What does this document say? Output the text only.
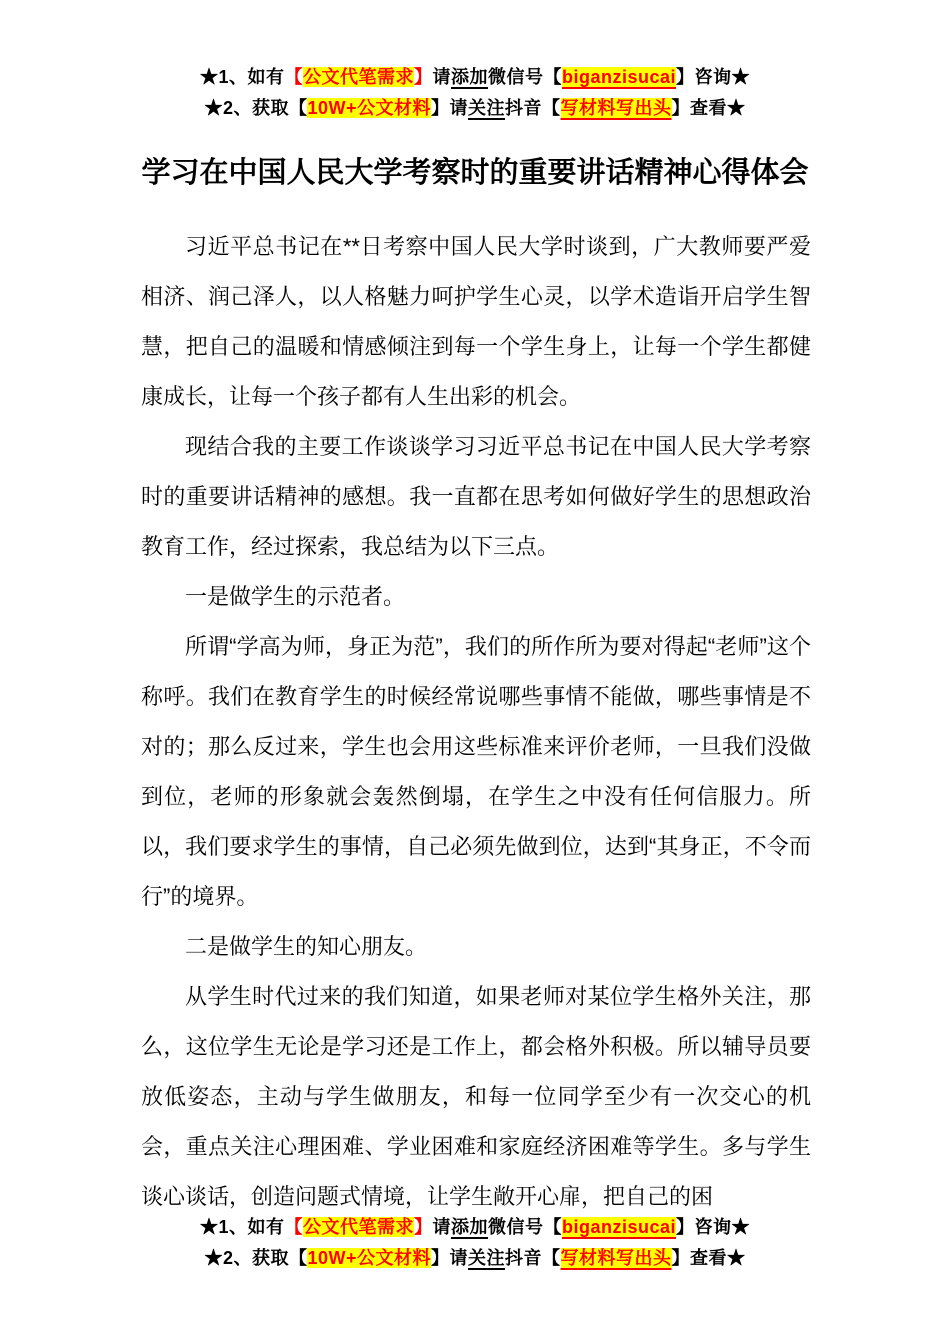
★1、如有【公文代笔需求】请添加微信号【biganzisucai】咨询★
★2、获取【10W+公文材料】请关注抖音【写材料写出头】查看★
学习在中国人民大学考察时的重要讲话精神心得体会

习近平总书记在**日考察中国人民大学时谈到，广大教师要严爱相济、润己泽人，以人格魅力呵护学生心灵，以学术造诣开启学生智慧，把自己的温暖和情感倾注到每一个学生身上，让每一个学生都健康成长，让每一个孩子都有人生出彩的机会。

现结合我的主要工作谈谈学习习近平总书记在中国人民大学考察时的重要讲话精神的感想。我一直都在思考如何做好学生的思想政治教育工作，经过探索，我总结为以下三点。

一是做学生的示范者。

所谓“学高为师，身正为范”，我们的所作所为要对得起“老师”这个称呼。我们在教育学生的时候经常说哪些事情不能做，哪些事情是不对的；那么反过来，学生也会用这些标准来评价老师，一旦我们没做到位，老师的形象就会轰然倒塌，在学生之中没有任何信服力。所以，我们要求学生的事情，自己必须先做到位，达到“其身正，不令而行”的境界。

二是做学生的知心朋友。

从学生时代过来的我们知道，如果老师对某位学生格外关注，那么，这位学生无论是学习还是工作上，都会格外积极。所以辅导员要放低姿态，主动与学生做朋友，和每一位同学至少有一次交心的机会，重点关注心理困难、学业困难和家庭经济困难等学生。多与学生谈心谈话，创造问题式情境，让学生敞开心扉，把自己的困

★1、如有【公文代笔需求】请添加微信号【biganzisucai】咨询★
★2、获取【10W+公文材料】请关注抖音【写材料写出头】查看★
